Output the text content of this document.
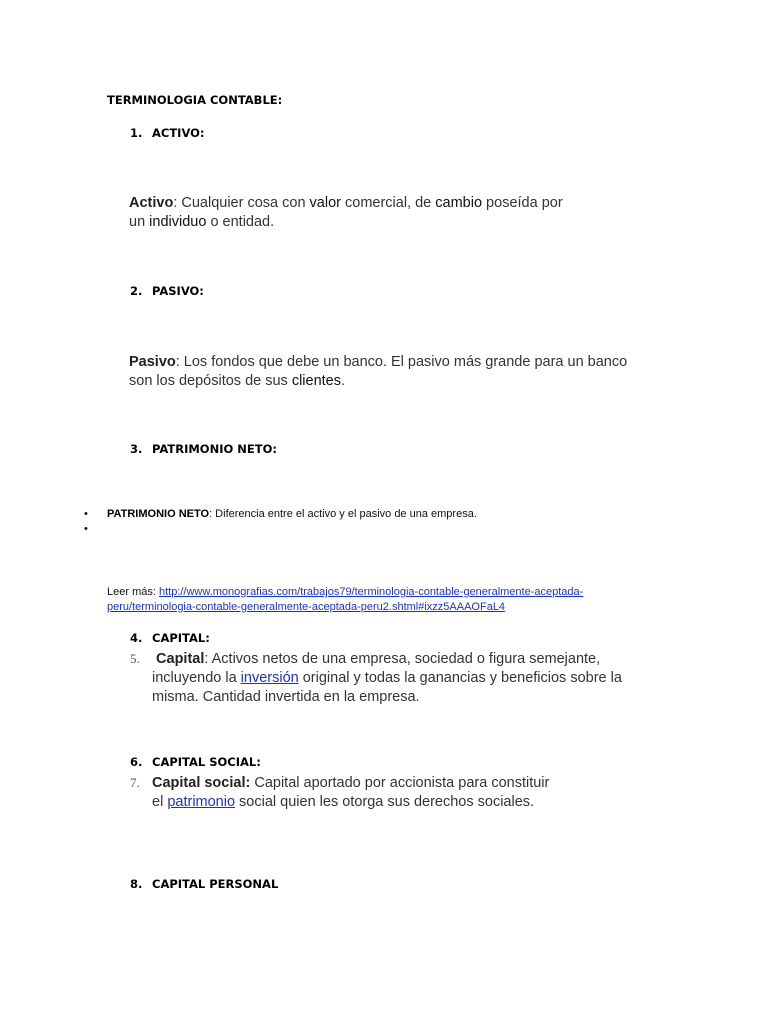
TERMINOLOGIA CONTABLE:
1. ACTIVO:
Activo: Cualquier cosa con valor comercial, de cambio poseída por
un individuo o entidad.
2. PASIVO:
Pasivo: Los fondos que debe un banco. El pasivo más grande para un banco
son los depósitos de sus clientes.
3. PATRIMONIO NETO:
• PATRIMONIO NETO: Diferencia entre el activo y el pasivo de una empresa.
•
Leer más: http://www.monografias.com/trabajos79/terminologia-contable-generalmente-aceptada-
peru/terminologia-contable-generalmente-aceptada-peru2.shtml#ixzz5AAAOFaL4
4. CAPITAL:
5. Capital: Activos netos de una empresa, sociedad o figura semejante,
incluyendo la inversión original y todas la ganancias y beneficios sobre la
misma. Cantidad invertida en la empresa.
6. CAPITAL SOCIAL:
7. Capital social: Capital aportado por accionista para constituir
el patrimonio social quien les otorga sus derechos sociales.
8. CAPITAL PERSONAL
